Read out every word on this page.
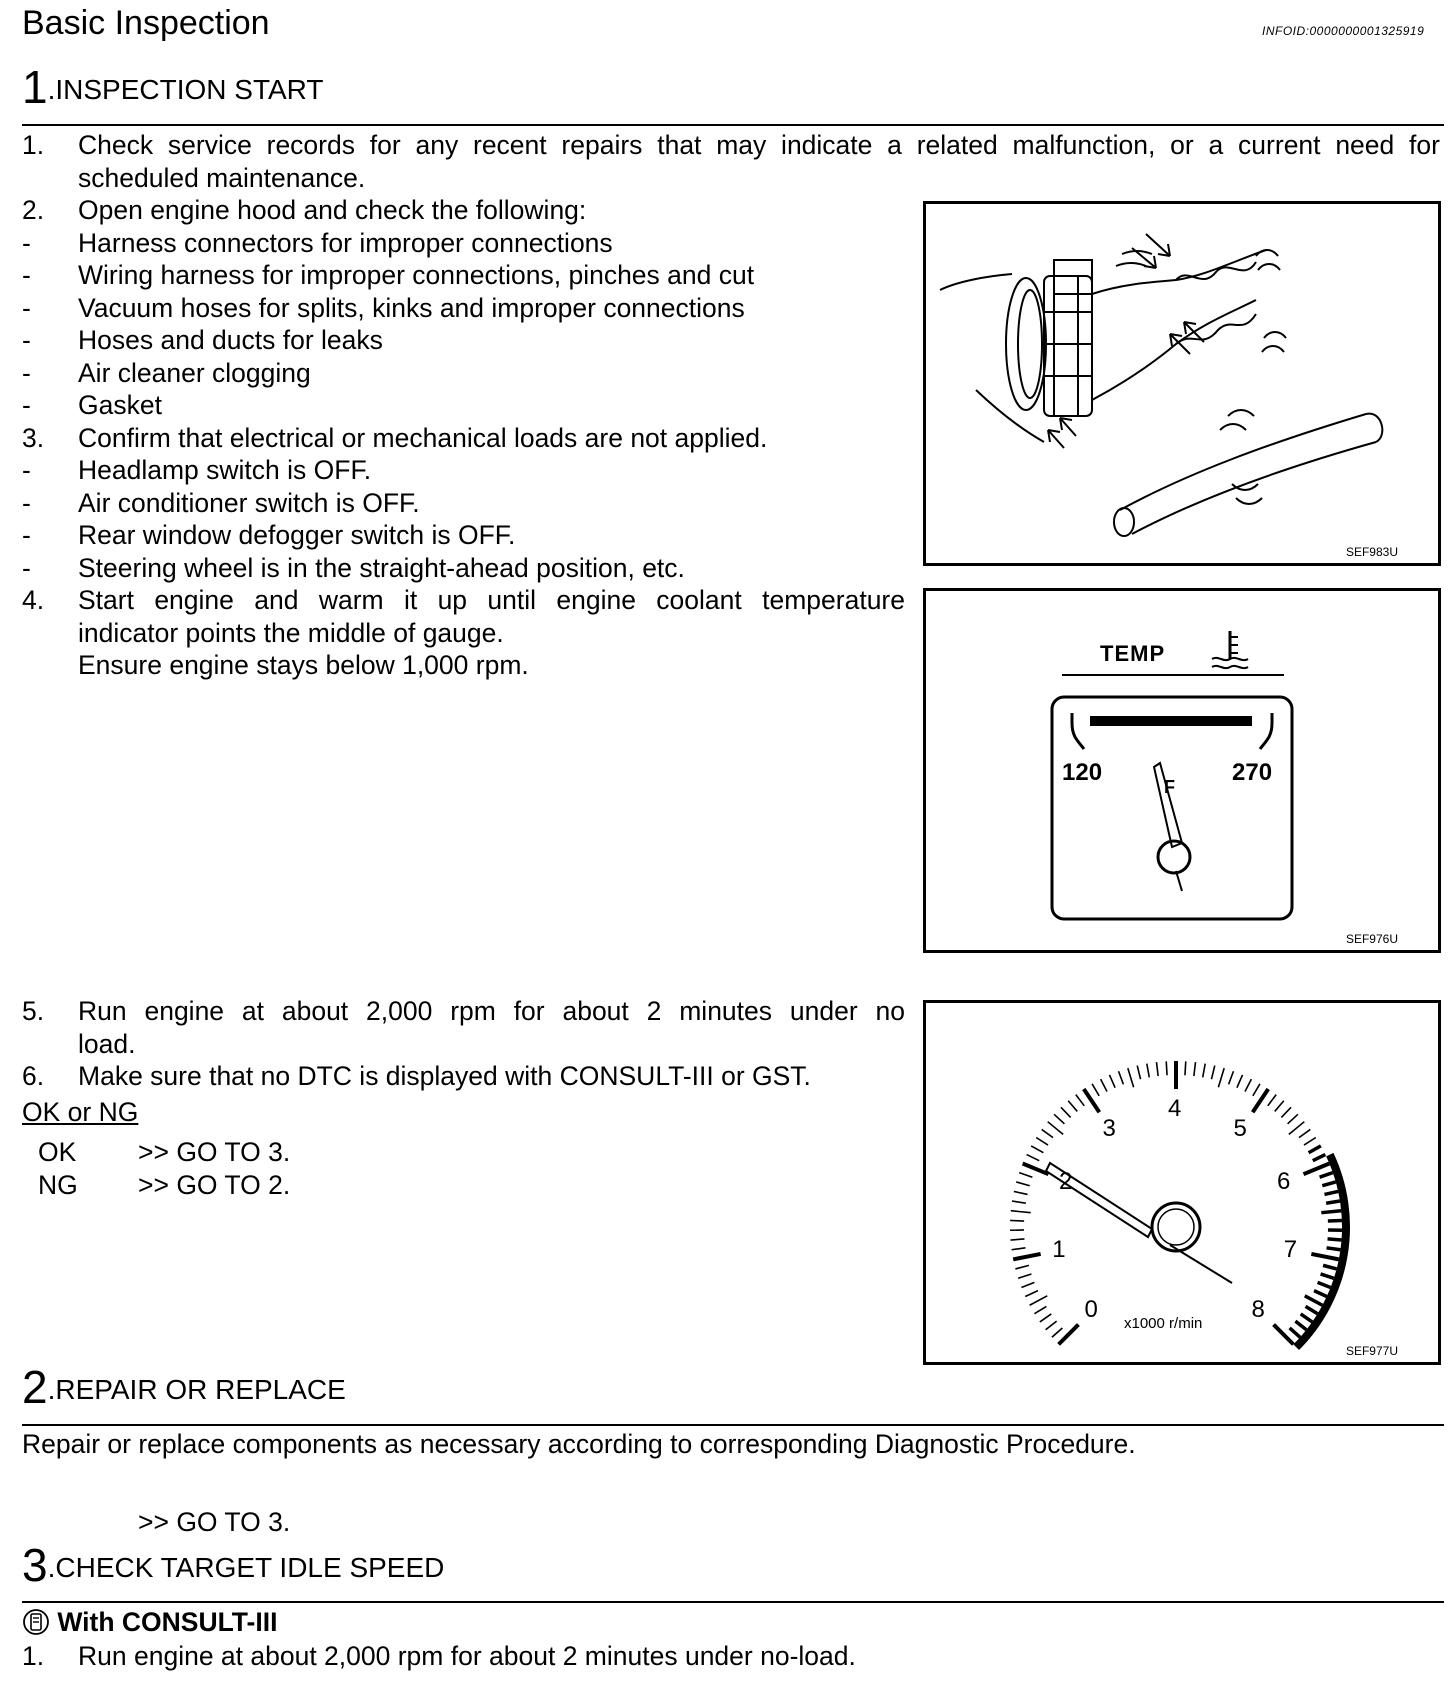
Basic Inspection	INFOID:0000000001325919
1.INSPECTION START
1. Check service records for any recent repairs that may indicate a related malfunction, or a current need for
scheduled maintenance.
2. Open engine hood and check the following:
- Harness connectors for improper connections
- Wiring harness for improper connections, pinches and cut
- Vacuum hoses for splits, kinks and improper connections
- Hoses and ducts for leaks
- Air cleaner clogging
- Gasket
3. Confirm that electrical or mechanical loads are not applied.
- Headlamp switch is OFF.
- Air conditioner switch is OFF.
- Rear window defogger switch is OFF.
- Steering wheel is in the straight-ahead position, etc.
4. Start engine and warm it up until engine coolant temperature
indicator points the middle of gauge.
Ensure engine stays below 1,000 rpm.
5. Run engine at about 2,000 rpm for about 2 minutes under no
load.
6. Make sure that no DTC is displayed with CONSULT-III or GST.
OK or NG
OK >> GO TO 3.
NG >> GO TO 2.
SEF983U
TEMP
120	270
F
SEF976U
0
1
2
3
4
5
6
7
8
x1000 r/min
SEF977U
2.REPAIR OR REPLACE
Repair or replace components as necessary according to corresponding Diagnostic Procedure.
>> GO TO 3.
3.CHECK TARGET IDLE SPEED
With CONSULT-III
1. Run engine at about 2,000 rpm for about 2 minutes under no-load.
